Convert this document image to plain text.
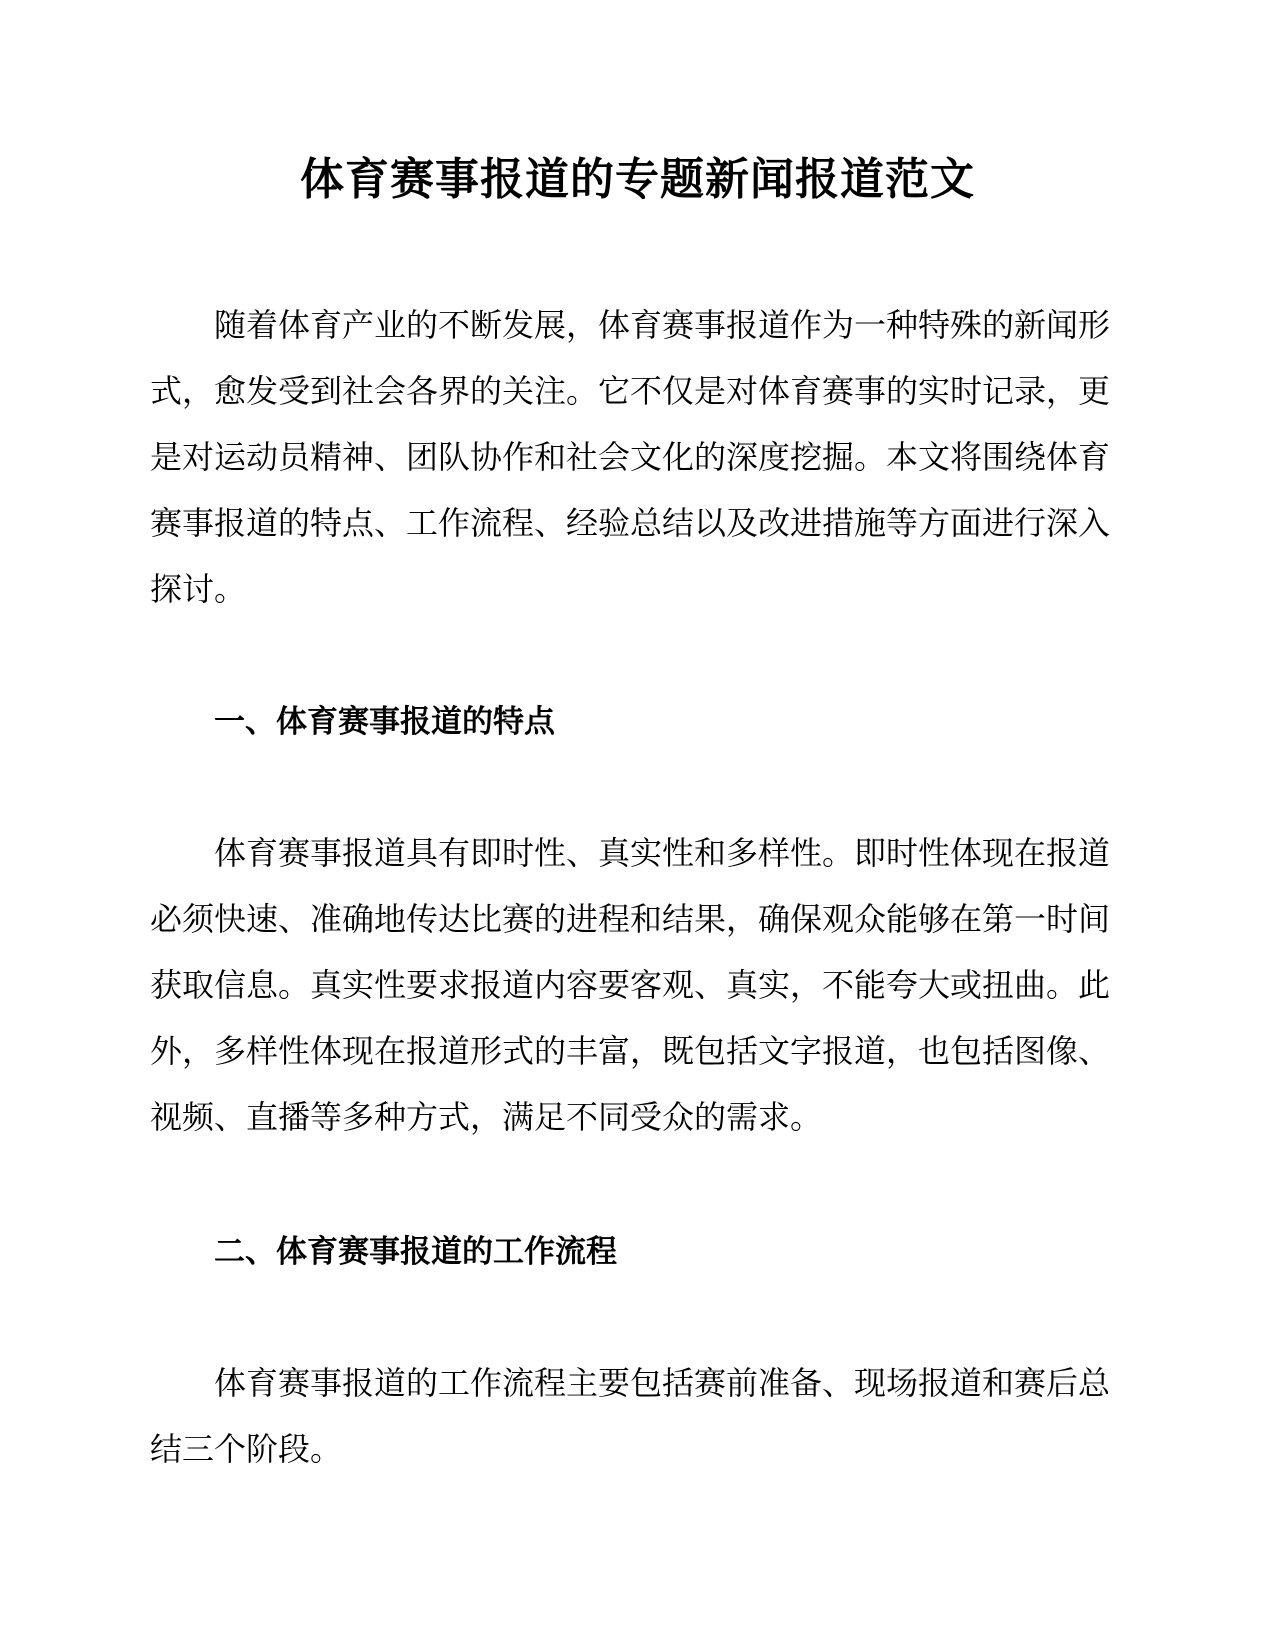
体育赛事报道的专题新闻报道范文

随着体育产业的不断发展，体育赛事报道作为一种特殊的新闻形式，愈发受到社会各界的关注。它不仅是对体育赛事的实时记录，更是对运动员精神、团队协作和社会文化的深度挖掘。本文将围绕体育赛事报道的特点、工作流程、经验总结以及改进措施等方面进行深入探讨。

一、体育赛事报道的特点

体育赛事报道具有即时性、真实性和多样性。即时性体现在报道必须快速、准确地传达比赛的进程和结果，确保观众能够在第一时间获取信息。真实性要求报道内容要客观、真实，不能夸大或扭曲。此外，多样性体现在报道形式的丰富，既包括文字报道，也包括图像、视频、直播等多种方式，满足不同受众的需求。

二、体育赛事报道的工作流程

体育赛事报道的工作流程主要包括赛前准备、现场报道和赛后总结三个阶段。
